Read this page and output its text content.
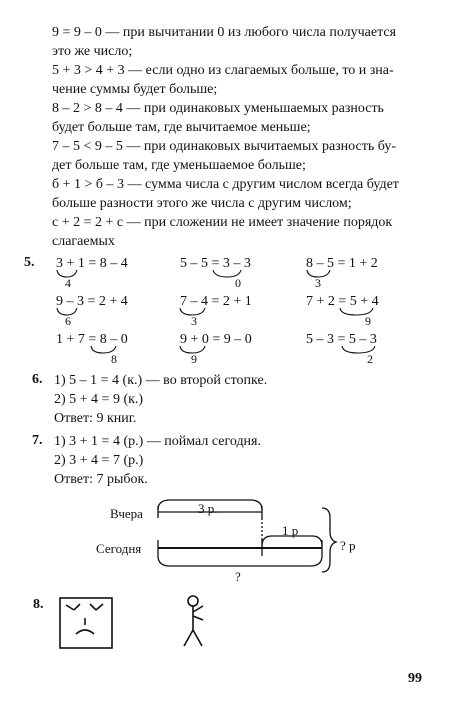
9 = 9 – 0 — при вычитании 0 из любого числа получается
это же число;
5 + 3 > 4 + 3 — если одно из слагаемых больше, то и зна-
чение суммы будет больше;
8 – 2 > 8 – 4 — при одинаковых уменьшаемых разность
будет больше там, где вычитаемое меньше;
7 – 5 < 9 – 5 — при одинаковых вычитаемых разность бу-
дет больше там, где уменьшаемое больше;
б + 1 > б – 3 — сумма числа с другим числом всегда будет
больше разности этого же числа с другим числом;
с + 2 = 2 + с — при сложении не имеет значение порядок
слагаемых
5. 3 + 1 = 8 – 4
4
5 – 5 = 3 – 3
0
8 – 5 = 1 + 2
3
9 – 3 = 2 + 4
6
7 – 4 = 2 + 1
3
7 + 2 = 5 + 4
9
1 + 7 = 8 – 0
8
9 + 0 = 9 – 0
9
5 – 3 = 5 – 3
2
6. 1) 5 – 1 = 4 (к.) — во второй стопке.
2) 5 + 4 = 9 (к.)
Ответ: 9 книг.
7. 1) 3 + 1 = 4 (р.) — поймал сегодня.
2) 3 + 4 = 7 (р.)
Ответ: 7 рыбок.
Вчера
Сегодня
3 р.
1 р
? р
?
8.
99
